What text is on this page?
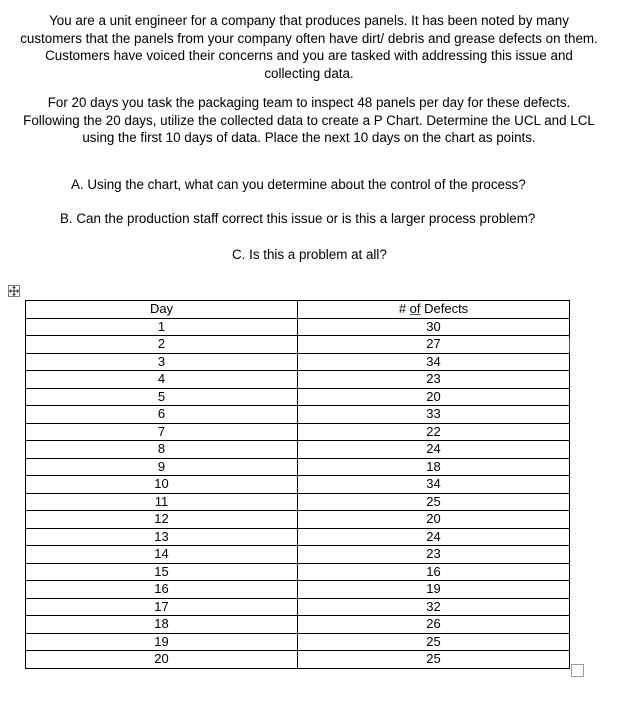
You are a unit engineer for a company that produces panels. It has been noted by many customers that the panels from your company often have dirt/ debris and grease defects on them. Customers have voiced their concerns and you are tasked with addressing this issue and collecting data.

For 20 days you task the packaging team to inspect 48 panels per day for these defects. Following the 20 days, utilize the collected data to create a P Chart. Determine the UCL and LCL using the first 10 days of data. Place the next 10 days on the chart as points.

A. Using the chart, what can you determine about the control of the process?
B. Can the production staff correct this issue or is this a larger process problem?
C. Is this a problem at all?
Day	# of Defects
1	30
2	27
3	34
4	23
5	20
6	33
7	22
8	24
9	18
10	34
11	25
12	20
13	24
14	23
15	16
16	19
17	32
18	26
19	25
20	25
